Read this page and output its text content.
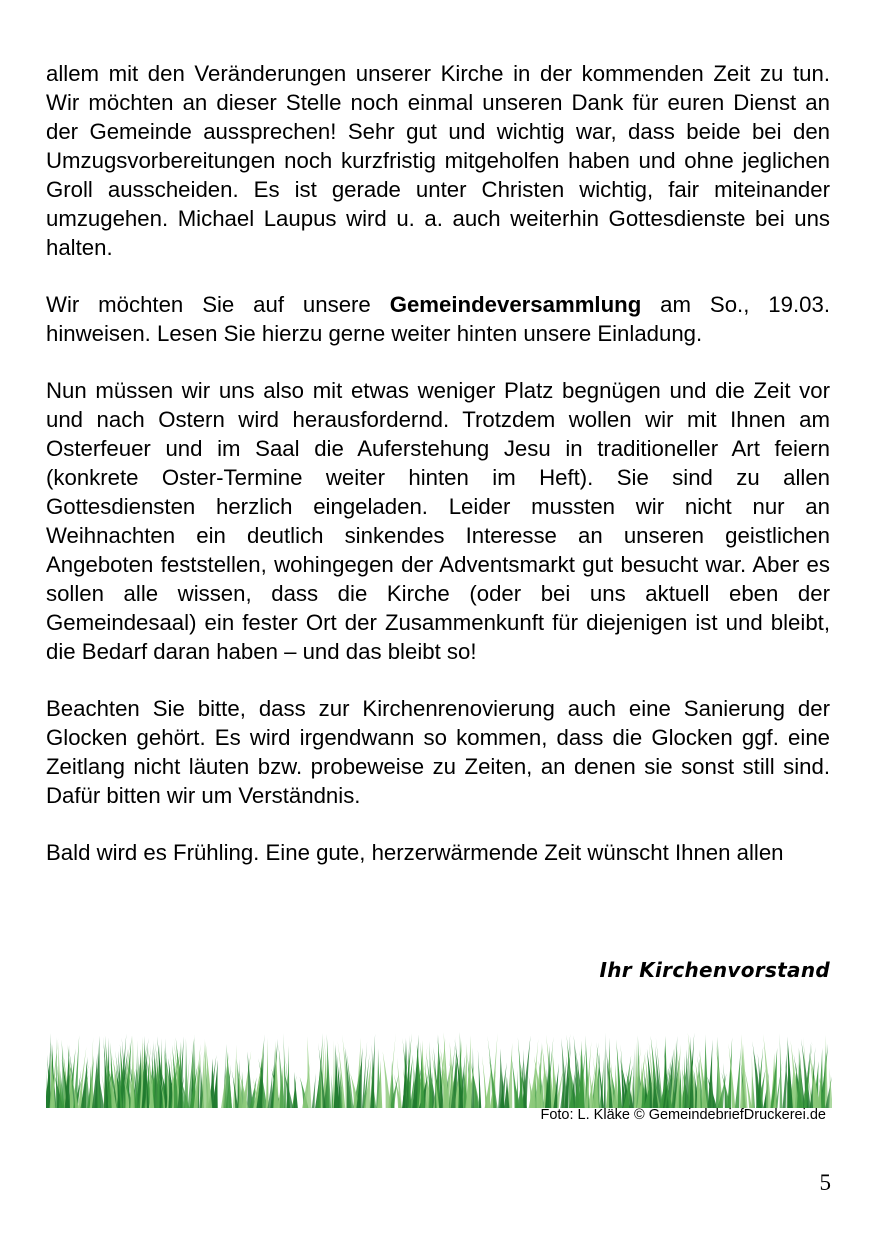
allem mit den Veränderungen unserer Kirche in der kommenden Zeit zu tun. Wir möchten an dieser Stelle noch einmal unseren Dank für euren Dienst an der Gemeinde aussprechen! Sehr gut und wichtig war, dass beide bei den Umzugsvorbereitungen noch kurzfristig mitgeholfen haben und ohne jeglichen Groll ausscheiden. Es ist gerade unter Christen wichtig, fair miteinander umzugehen. Michael Laupus wird u. a. auch weiterhin Gottesdienste bei uns halten.

Wir möchten Sie auf unsere Gemeindeversammlung am So., 19.03. hinweisen. Lesen Sie hierzu gerne weiter hinten unsere Einladung.

Nun müssen wir uns also mit etwas weniger Platz begnügen und die Zeit vor und nach Ostern wird herausfordernd. Trotzdem wollen wir mit Ihnen am Osterfeuer und im Saal die Auferstehung Jesu in traditioneller Art feiern (konkrete Oster-Termine weiter hinten im Heft). Sie sind zu allen Gottesdiensten herzlich eingeladen. Leider mussten wir nicht nur an Weihnachten ein deutlich sinkendes Interesse an unseren geistlichen Angeboten feststellen, wohingegen der Adventsmarkt gut besucht war. Aber es sollen alle wissen, dass die Kirche (oder bei uns aktuell eben der Gemeindesaal) ein fester Ort der Zusammenkunft für diejenigen ist und bleibt, die Bedarf daran haben – und das bleibt so!

Beachten Sie bitte, dass zur Kirchenrenovierung auch eine Sanierung der Glocken gehört. Es wird irgendwann so kommen, dass die Glocken ggf. eine Zeitlang nicht läuten bzw. probeweise zu Zeiten, an denen sie sonst still sind. Dafür bitten wir um Verständnis.

Bald wird es Frühling. Eine gute, herzerwärmende Zeit wünscht Ihnen allen

Ihr Kirchenvorstand
Foto: L. Kläke © GemeindebriefDruckerei.de
5
